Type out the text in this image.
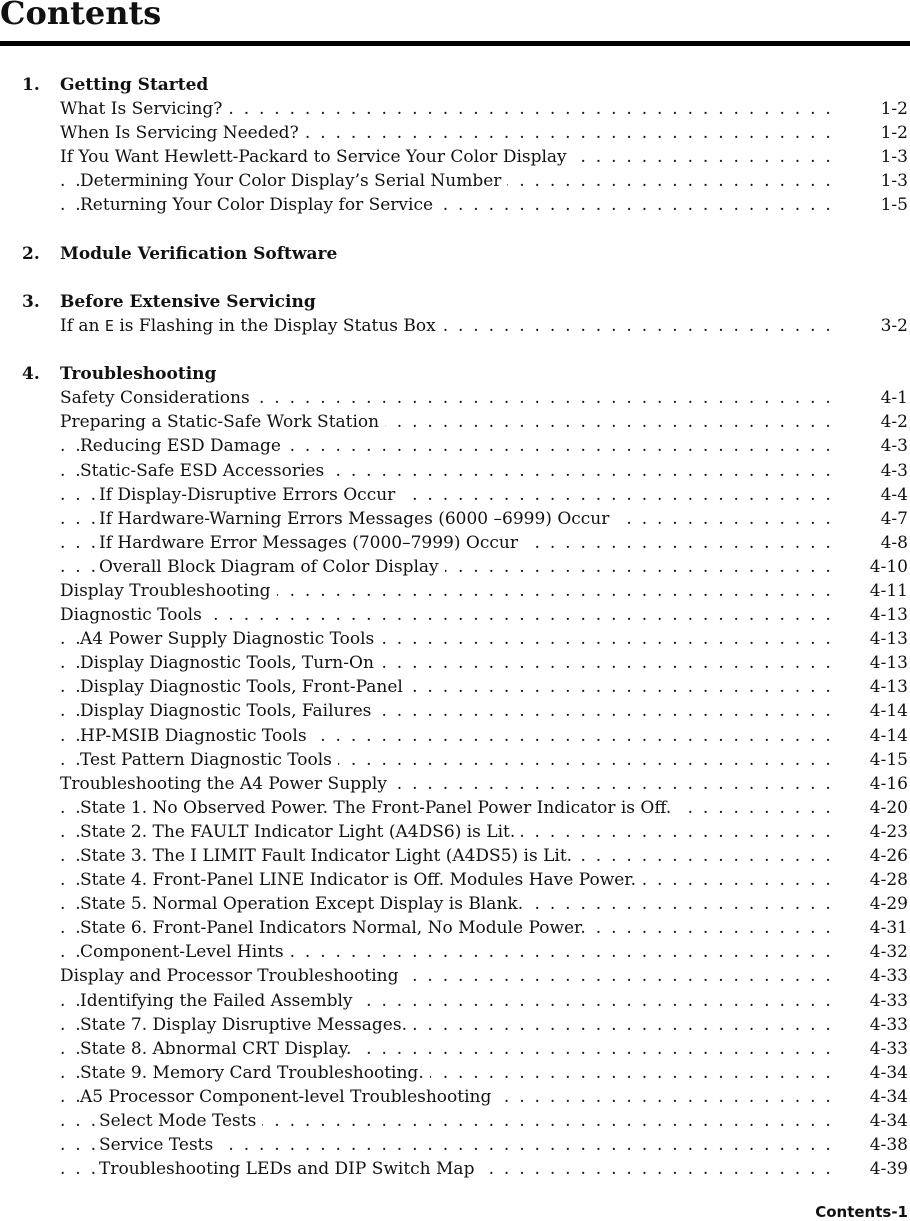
Contents
1. Getting Started
. . .
What Is Servicing?	1-2
. . .
When Is Servicing Needed?	1-2
. . .
If You Want Hewlett-Packard to Service Your Color Display	1-3
. . .
Determining Your Color Display’s Serial Number	1-3
. . .
Returning Your Color Display for Service	1-5
2. Module Verification Software
3. Before Extensive Servicing
. . .
If an E is Flashing in the Display Status Box	3-2
4. Troubleshooting
. . .
Safety Considerations	4-1
. . .
Preparing a Static-Safe Work Station	4-2
. . .
Reducing ESD Damage	4-3
. . .
Static-Safe ESD Accessories	4-3
. . .
If Display-Disruptive Errors Occur	4-4
. . .
If Hardware-Warning Errors Messages (6000 –6999) Occur	4-7
. . .
If Hardware Error Messages (7000–7999) Occur	4-8
. . .
Overall Block Diagram of Color Display	4-10
. . .
Display Troubleshooting	4-11
. . .
Diagnostic Tools	4-13
. . .
A4 Power Supply Diagnostic Tools	4-13
. . .
Display Diagnostic Tools, Turn-On	4-13
. . .
Display Diagnostic Tools, Front-Panel	4-13
. . .
Display Diagnostic Tools, Failures	4-14
. . .
HP-MSIB Diagnostic Tools	4-14
. . .
Test Pattern Diagnostic Tools	4-15
. . .
Troubleshooting the A4 Power Supply	4-16
. . .
State 1. No Observed Power. The Front-Panel Power Indicator is Off.	4-20
. . .
State 2. The FAULT Indicator Light (A4DS6) is Lit.	4-23
. . .
State 3. The I LIMIT Fault Indicator Light (A4DS5) is Lit.	4-26
. . .
State 4. Front-Panel LINE Indicator is Off. Modules Have Power.	4-28
. . .
State 5. Normal Operation Except Display is Blank.	4-29
. . .
State 6. Front-Panel Indicators Normal, No Module Power.	4-31
. . .
Component-Level Hints	4-32
. . .
Display and Processor Troubleshooting	4-33
. . .
Identifying the Failed Assembly	4-33
. . .
State 7. Display Disruptive Messages.	4-33
. . .
State 8. Abnormal CRT Display.	4-33
. . .
State 9. Memory Card Troubleshooting.	4-34
. . .
A5 Processor Component-level Troubleshooting	4-34
. . .
Select Mode Tests	4-34
. . .
Service Tests	4-38
. . .
Troubleshooting LEDs and DIP Switch Map	4-39
Contents-1
